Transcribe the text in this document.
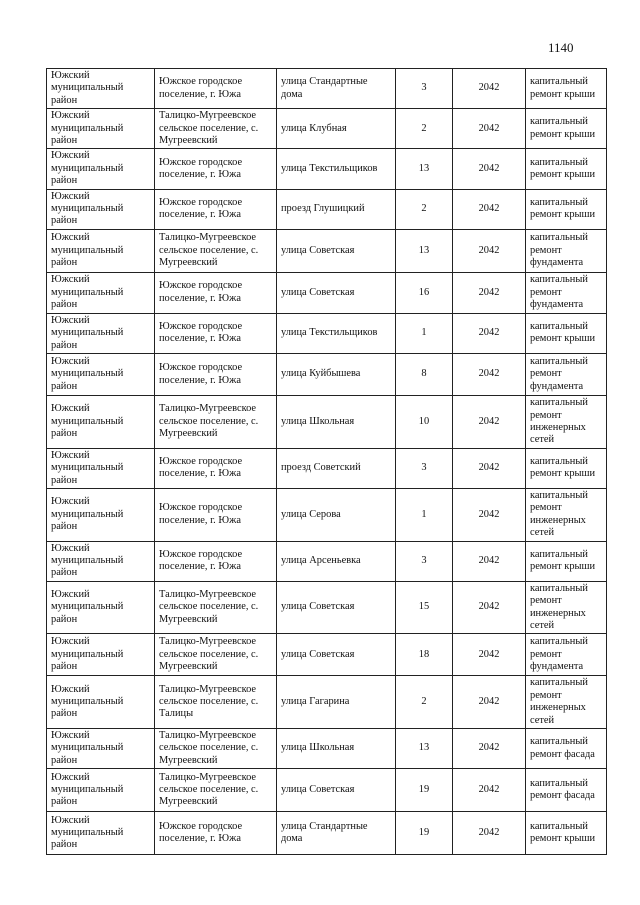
1140
Южский муниципальный район	Южское городское поселение, г. Южа	улица Стандартные дома	3	2042	капитальный ремонт крыши
Южский муниципальный район	Талицко-Мугреевское сельское поселение, с. Мугреевский	улица Клубная	2	2042	капитальный ремонт крыши
Южский муниципальный район	Южское городское поселение, г. Южа	улица Текстильщиков	13	2042	капитальный ремонт крыши
Южский муниципальный район	Южское городское поселение, г. Южа	проезд Глушицкий	2	2042	капитальный ремонт крыши
Южский муниципальный район	Талицко-Мугреевское сельское поселение, с. Мугреевский	улица Советская	13	2042	капитальный ремонт фундамента
Южский муниципальный район	Южское городское поселение, г. Южа	улица Советская	16	2042	капитальный ремонт фундамента
Южский муниципальный район	Южское городское поселение, г. Южа	улица Текстильщиков	1	2042	капитальный ремонт крыши
Южский муниципальный район	Южское городское поселение, г. Южа	улица Куйбышева	8	2042	капитальный ремонт фундамента
Южский муниципальный район	Талицко-Мугреевское сельское поселение, с. Мугреевский	улица Школьная	10	2042	капитальный ремонт инженерных сетей
Южский муниципальный район	Южское городское поселение, г. Южа	проезд Советский	3	2042	капитальный ремонт крыши
Южский муниципальный район	Южское городское поселение, г. Южа	улица Серова	1	2042	капитальный ремонт инженерных сетей
Южский муниципальный район	Южское городское поселение, г. Южа	улица Арсеньевка	3	2042	капитальный ремонт крыши
Южский муниципальный район	Талицко-Мугреевское сельское поселение, с. Мугреевский	улица Советская	15	2042	капитальный ремонт инженерных сетей
Южский муниципальный район	Талицко-Мугреевское сельское поселение, с. Мугреевский	улица Советская	18	2042	капитальный ремонт фундамента
Южский муниципальный район	Талицко-Мугреевское сельское поселение, с. Талицы	улица Гагарина	2	2042	капитальный ремонт инженерных сетей
Южский муниципальный район	Талицко-Мугреевское сельское поселение, с. Мугреевский	улица Школьная	13	2042	капитальный ремонт фасада
Южский муниципальный район	Талицко-Мугреевское сельское поселение, с. Мугреевский	улица Советская	19	2042	капитальный ремонт фасада
Южский муниципальный район	Южское городское поселение, г. Южа	улица Стандартные дома	19	2042	капитальный ремонт крыши
